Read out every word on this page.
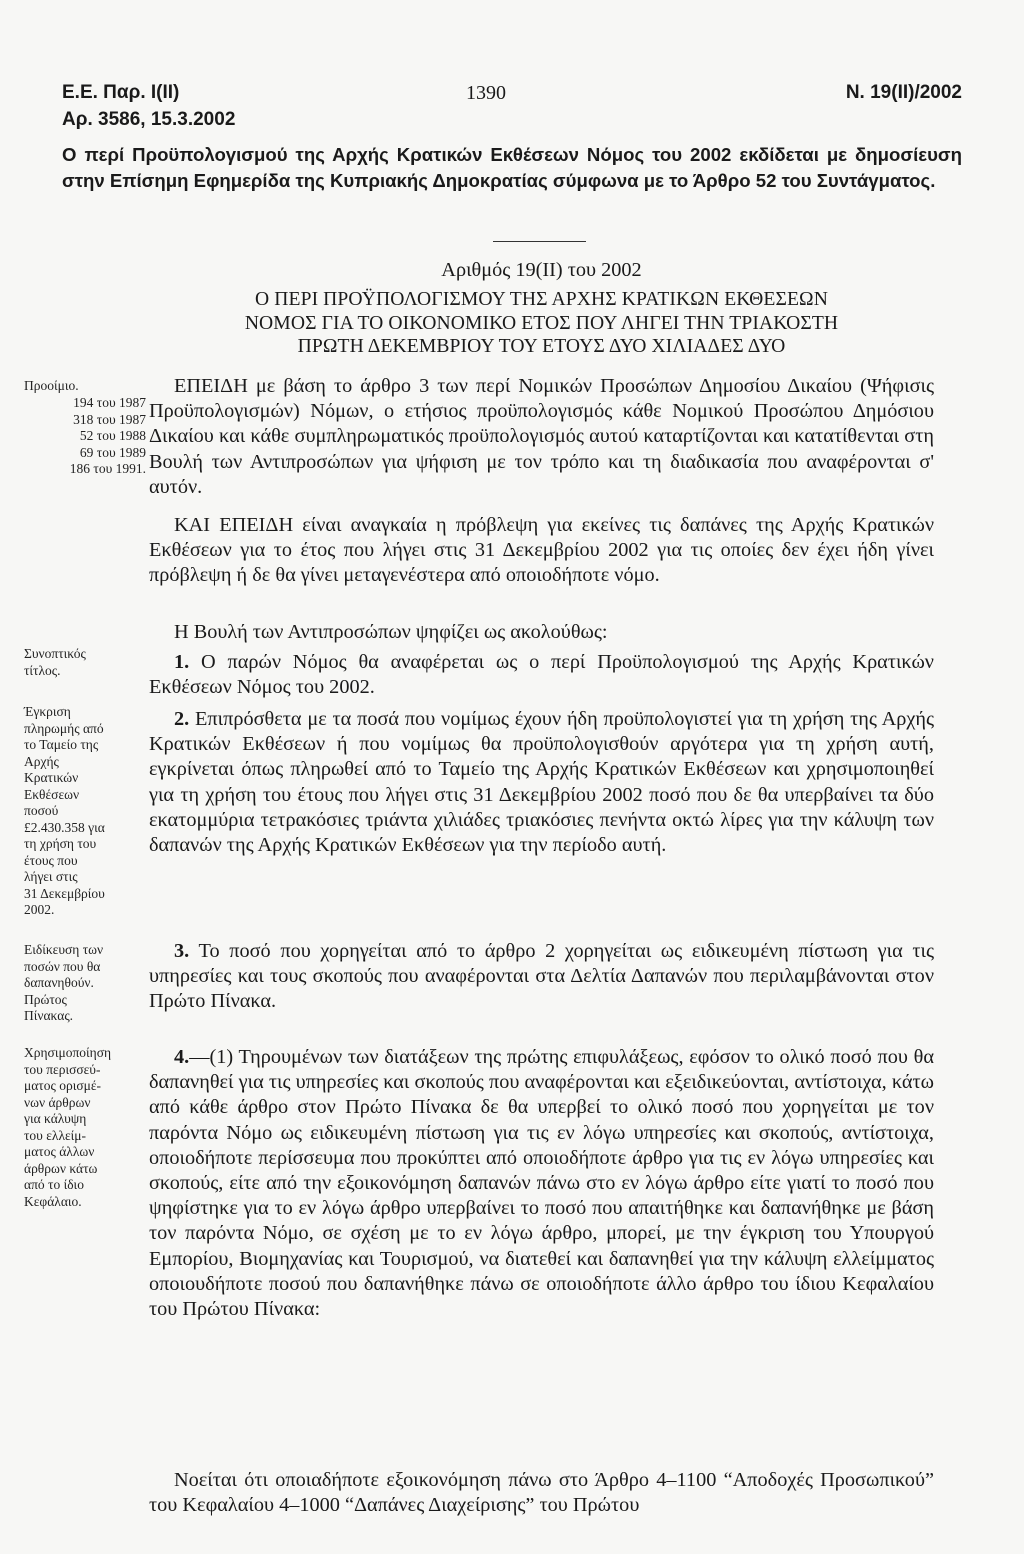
Ε.Ε. Παρ. Ι(ΙΙ)
Αρ. 3586, 15.3.2002
1390	Ν. 19(ΙΙ)/2002
Ο περί Προϋπολογισμού της Αρχής Κρατικών Εκθέσεων Νόμος του 2002 εκδίδεται με δημοσίευση στην Επίσημη Εφημερίδα της Κυπριακής Δημοκρατίας σύμφωνα με το Άρθρο 52 του Συντάγματος.

Αριθμός 19(ΙΙ) του 2002

Ο ΠΕΡΙ ΠΡΟΫΠΟΛΟΓΙΣΜΟΥ ΤΗΣ ΑΡΧΗΣ ΚΡΑΤΙΚΩΝ ΕΚΘΕΣΕΩΝ

ΝΟΜΟΣ ΓΙΑ ΤΟ ΟΙΚΟΝΟΜΙΚΟ ΕΤΟΣ ΠΟΥ ΛΗΓΕΙ ΤΗΝ ΤΡΙΑΚΟΣΤΗ

ΠΡΩΤΗ ΔΕΚΕΜΒΡΙΟΥ ΤΟΥ ΕΤΟΥΣ ΔΥΟ ΧΙΛΙΑΔΕΣ ΔΥΟ

ΕΠΕΙΔΗ με βάση το άρθρο 3 των περί Νομικών Προσώπων Δημοσίου Δικαίου (Ψήφισις Προϋπολογισμών) Νόμων, ο ετήσιος προϋπολογισμός κάθε Νομικού Προσώπου Δημόσιου Δικαίου και κάθε συμπληρωματικός προϋπολογισμός αυτού καταρτίζονται και κατατίθενται στη Βουλή των Αντιπροσώπων για ψήφιση με τον τρόπο και τη διαδικασία που αναφέρονται σ' αυτόν.

ΚΑΙ ΕΠΕΙΔΗ είναι αναγκαία η πρόβλεψη για εκείνες τις δαπάνες της Αρχής Κρατικών Εκθέσεων για το έτος που λήγει στις 31 Δεκεμβρίου 2002 για τις οποίες δεν έχει ήδη γίνει πρόβλεψη ή δε θα γίνει μεταγενέστερα από οποιοδήποτε νόμο.

Η Βουλή των Αντιπροσώπων ψηφίζει ως ακολούθως:

1. Ο παρών Νόμος θα αναφέρεται ως ο περί Προϋπολογισμού της Αρχής Κρατικών Εκθέσεων Νόμος του 2002.

2. Επιπρόσθετα με τα ποσά που νομίμως έχουν ήδη προϋπολογιστεί για τη χρήση της Αρχής Κρατικών Εκθέσεων ή που νομίμως θα προϋπολογισθούν αργότερα για τη χρήση αυτή, εγκρίνεται όπως πληρωθεί από το Ταμείο της Αρχής Κρατικών Εκθέσεων και χρησιμοποιηθεί για τη χρήση του έτους που λήγει στις 31 Δεκεμβρίου 2002 ποσό που δε θα υπερβαίνει τα δύο εκατομμύρια τετρακόσιες τριάντα χιλιάδες τριακόσιες πενήντα οκτώ λίρες για την κάλυψη των δαπανών της Αρχής Κρατικών Εκθέσεων για την περίοδο αυτή.

3. Το ποσό που χορηγείται από το άρθρο 2 χορηγείται ως ειδικευμένη πίστωση για τις υπηρεσίες και τους σκοπούς που αναφέρονται στα Δελτία Δαπανών που περιλαμβάνονται στον Πρώτο Πίνακα.

4.—(1) Τηρουμένων των διατάξεων της πρώτης επιφυλάξεως, εφόσον το ολικό ποσό που θα δαπανηθεί για τις υπηρεσίες και σκοπούς που αναφέρονται και εξειδικεύονται, αντίστοιχα, κάτω από κάθε άρθρο στον Πρώτο Πίνακα δε θα υπερβεί το ολικό ποσό που χορηγείται με τον παρόντα Νόμο ως ειδικευμένη πίστωση για τις εν λόγω υπηρεσίες και σκοπούς, αντίστοιχα, οποιοδήποτε περίσσευμα που προκύπτει από οποιοδήποτε άρθρο για τις εν λόγω υπηρεσίες και σκοπούς, είτε από την εξοικονόμηση δαπανών πάνω στο εν λόγω άρθρο είτε γιατί το ποσό που ψηφίστηκε για το εν λόγω άρθρο υπερβαίνει το ποσό που απαιτήθηκε και δαπανήθηκε με βάση τον παρόντα Νόμο, σε σχέση με το εν λόγω άρθρο, μπορεί, με την έγκριση του Υπουργού Εμπορίου, Βιομηχανίας και Τουρισμού, να διατεθεί και δαπανηθεί για την κάλυψη ελλείμματος οποιουδήποτε ποσού που δαπανήθηκε πάνω σε οποιοδήποτε άλλο άρθρο του ίδιου Κεφαλαίου του Πρώτου Πίνακα:

Νοείται ότι οποιαδήποτε εξοικονόμηση πάνω στο Άρθρο 4–1100 “Αποδοχές Προσωπικού” του Κεφαλαίου 4–1000 “Δαπάνες Διαχείρισης” του Πρώτου

Προοίμιο.
194 του 1987
318 του 1987
52 του 1988
69 του 1989
186 του 1991.
Συνοπτικός
τίτλος.
Έγκριση
πληρωμής από
το Ταμείο της
Αρχής
Κρατικών
Εκθέσεων
ποσού
£2.430.358 για
τη χρήση του
έτους που
λήγει στις
31 Δεκεμβρίου
2002.
Ειδίκευση των
ποσών που θα
δαπανηθούν.
Πρώτος
Πίνακας.
Χρησιμοποίηση
του περισσεύ-
ματος ορισμέ-
νων άρθρων
για κάλυψη
του ελλείμ-
ματος άλλων
άρθρων κάτω
από το ίδιο
Κεφάλαιο.
